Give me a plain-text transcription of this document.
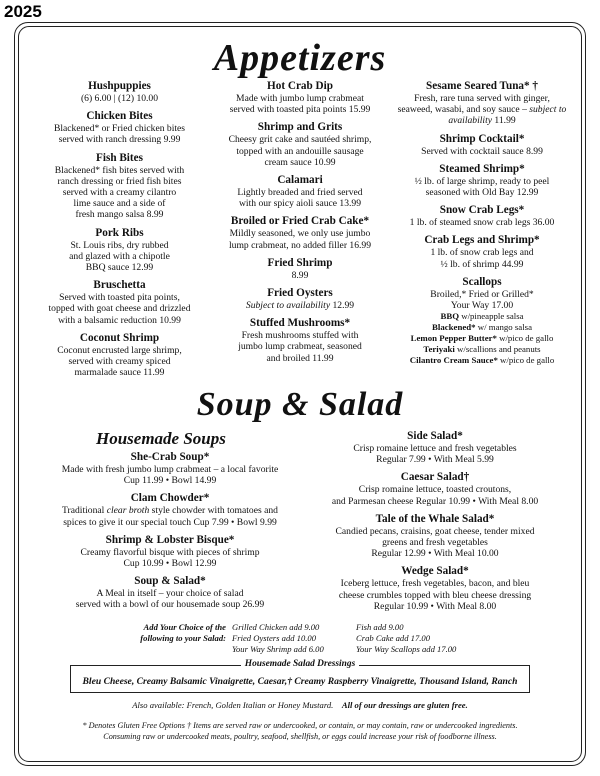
2025
Appetizers
Hushpuppies
(6) 6.00 | (12) 10.00
Chicken Bites
Blackened* or Fried chicken bites
served with ranch dressing 9.99
Fish Bites
Blackened* fish bites served with
ranch dressing or fried fish bites
served with a creamy cilantro
lime sauce and a side of
fresh mango salsa 8.99
Pork Ribs
St. Louis ribs, dry rubbed
and glazed with a chipotle
BBQ sauce 12.99
Bruschetta
Served with toasted pita points,
topped with goat cheese and drizzled
with a balsamic reduction 10.99
Coconut Shrimp
Coconut encrusted large shrimp,
served with creamy spiced
marmalade sauce 11.99
Hot Crab Dip
Made with jumbo lump crabmeat
served with toasted pita points 15.99
Shrimp and Grits
Cheesy grit cake and sautéed shrimp,
topped with an andouille sausage
cream sauce 10.99
Calamari
Lightly breaded and fried served
with our spicy aioli sauce 13.99
Broiled or Fried Crab Cake*
Mildly seasoned, we only use jumbo
lump crabmeat, no added filler 16.99
Fried Shrimp
8.99
Fried Oysters
Subject to availability 12.99
Stuffed Mushrooms*
Fresh mushrooms stuffed with
jumbo lump crabmeat, seasoned
and broiled 11.99
Sesame Seared Tuna* †
Fresh, rare tuna served with ginger,
seaweed, wasabi, and soy sauce – subject to availability 11.99
Shrimp Cocktail*
Served with cocktail sauce 8.99
Steamed Shrimp*
½ lb. of large shrimp, ready to peel
seasoned with Old Bay 12.99
Snow Crab Legs*
1 lb. of steamed snow crab legs 36.00
Crab Legs and Shrimp*
1 lb. of snow crab legs and
½ lb. of shrimp 44.99
Scallops
Broiled,* Fried or Grilled*
Your Way 17.00
BBQ w/pineapple salsa
Blackened* w/ mango salsa
Lemon Pepper Butter* w/pico de gallo
Teriyaki w/scallions and peanuts
Cilantro Cream Sauce* w/pico de gallo
Soup & Salad
Housemade Soups
She-Crab Soup*
Made with fresh jumbo lump crabmeat – a local favorite
Cup 11.99 • Bowl 14.99
Clam Chowder*
Traditional clear broth style chowder with tomatoes and
spices to give it our special touch Cup 7.99 • Bowl 9.99
Shrimp & Lobster Bisque*
Creamy flavorful bisque with pieces of shrimp
Cup 10.99 • Bowl 12.99
Soup & Salad*
A Meal in itself – your choice of salad
served with a bowl of our housemade soup 26.99
Side Salad*
Crisp romaine lettuce and fresh vegetables
Regular 7.99 • With Meal 5.99
Caesar Salad†
Crisp romaine lettuce, toasted croutons,
and Parmesan cheese Regular 10.99 • With Meal 8.00
Tale of the Whale Salad*
Candied pecans, craisins, goat cheese, tender mixed
greens and fresh vegetables
Regular 12.99 • With Meal 10.00
Wedge Salad*
Iceberg lettuce, fresh vegetables, bacon, and bleu
cheese crumbles topped with bleu cheese dressing
Regular 10.99 • With Meal 8.00
Add Your Choice of the
following to your Salad:
Grilled Chicken add 9.00
Fried Oysters add 10.00
Your Way Shrimp add 6.00
Fish add 9.00
Crab Cake add 17.00
Your Way Scallops add 17.00
Housemade Salad Dressings
Bleu Cheese, Creamy Balsamic Vinaigrette, Caesar,† Creamy Raspberry Vinaigrette, Thousand Island, Ranch
Also available: French, Golden Italian or Honey Mustard. All of our dressings are gluten free.
* Denotes Gluten Free Options † Items are served raw or undercooked, or contain, or may contain, raw or undercooked ingredients.
Consuming raw or undercooked meats, poultry, seafood, shellfish, or eggs could increase your risk of foodborne illness.
